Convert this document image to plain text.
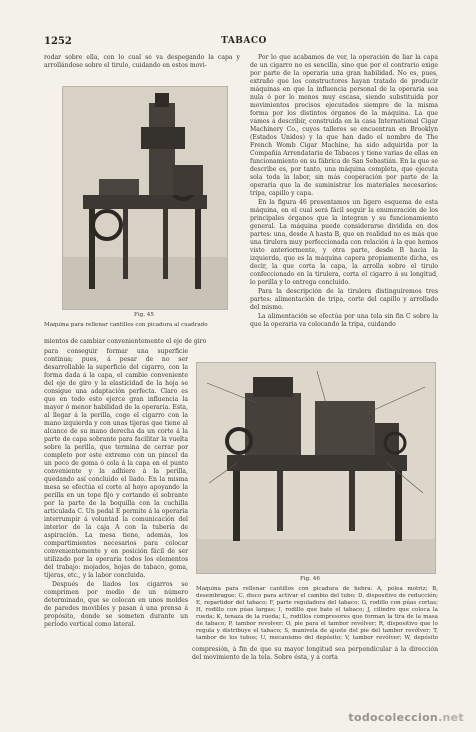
1252	TABACO

rodar sobre ella, con lo cual se va despegando la capa y arrollándose sobre el tirulo, cuidando en estos movi-

Fig. 45
Máquina para rellenar cantillos con picadura al cuadrado

mientos de cambiar convenientemente el eje de giro

para conseguir formar una superficie continua; pues, á pesar de no ser desarrollable la superficie del cigarro, con la forma dada á la capa, el cambio conveniente del eje de giro y la elasticidad de la hoja se consigue una adaptación perfecta. Claro es que en todo esto ejerce gran influencia la mayor ó menor habilidad de la operaria. Esta, al llegar á la perilla, coge el cigarro con la mano izquierda y con unas tijeras que tiene al alcance de su mano derecha da un corte á la parte de capa sobrante para facilitar la vuelta sobre la perilla, que termina de cerrar por completo por este extremo con un pincel da un poco de goma ó cola á la capa en el punto conveniente y la adhiere á la perilla, quedando así concluido el liado. En la misma mesa se efectúa el corte al hoyo apoyando la perilla en un tope fijo y cortando el sobrante por la parte de la boquilla con la cuchilla articulada C. Un pedal E permite á la operaria interrumpir á voluntad la comunicación del interior de la caja A con la tubería de aspiración. La mesa tiene, además, los compartimientos necesarios para colocar convenientemente y en posición fácil de ser utilizado por la operaria todos los elementos del trabajo: mojados, hojas de tabaco, goma, tijeras, etc., y la labor concluida.

Después de liados los cigarros se comprimen por medio de un número determinado, que se colocan en unos moldes de paredes movibles y pasan á una prensa á propósito, donde se someten durante un período vertical como lateral.

Por lo que acabamos de ver, la operación de liar la capa de un cigarro no es sencilla, sino que por el contrario exige por parte de la operaria una gran habilidad. No es, pues, extraño que los constructores hayan tratado de producir máquinas en que la influencia personal de la operaria sea nula ó por lo menos muy escasa, siendo substituida por movimientos precisos ejecutados siempre de la misma forma por los distintos órganos de la máquina. La que vamos á describir, construida en la casa International Cigar Machinery Co., cuyos talleres se encuentran en Brooklyn (Estados Unidos) y la que han dado el nombre de The French Womb Cigar Machine, ha sido adquirida por la Compañía Arrendataria de Tabacos y tiene varias de ellas en funcionamiento en su fábrica de San Sebastián. En la que se describe es, por tanto, una máquina completa, que ejecuta sola toda la labor, sin más cooperación por parte de la operaria que la de suministrar los materiales necesarios: tripa, capillo y capa.

En la figura 46 presentamos un ligero esquema de esta máquina, en el cual será fácil seguir la enumeración de los principales órganos que la integran y su funcionamiento general. La máquina puede considerarse dividida en dos partes: una, desde A hasta B, que en realidad no es más que una tirulera muy perfeccionada con relación á la que hemos visto anteriormente, y otra parte, desde B hacia la izquierda, que es la máquina capera propiamente dicha, es decir, la que corta la capa, la arrolla sobre el tirulo confeccionado en la tirulera, corta el cigarro á su longitud, lo perilla y lo entrega concluido.

Para la descripción de la tirulera distinguiremos tres partes: alimentación de tripa, corte del capillo y arrollado del mismo.

La alimentación se efectúa por una tela sin fin C sobre la que la operaria va colocando la tripa, cuidando

Fig. 46
Máquina para rellenar cantillos con picadura de hebra: A, polea motriz; B, desembrague; C, disco para activar el cambio del tubo; D, dispositivo de reducción; E, repartidor del tabaco; F, parte reguladora del tabaco; G, rodillo con púas cortas; H, rodillo con púas largas; I, rodillo que bate el tabaco; J, cilindro que coloca la rueda; K, tenaza de la rueda; L, rodillos compresores que forman la tira de la masa de tabaco; P, tambor revolver; O, pie para el tambor revólver; R, dispositivo que lo regula y distribuye el tabaco; S, manivela de ajuste del pie del tambor revólver; T, tambor de los tubos; U, mecanismo del depósito; V, tambor revólver; W, depósito

compresión, á fin de que su mayor longitud sea perpendicular á la dirección del movimiento de la tela. Sobre ésta, y á corta

todocoleccion.net
